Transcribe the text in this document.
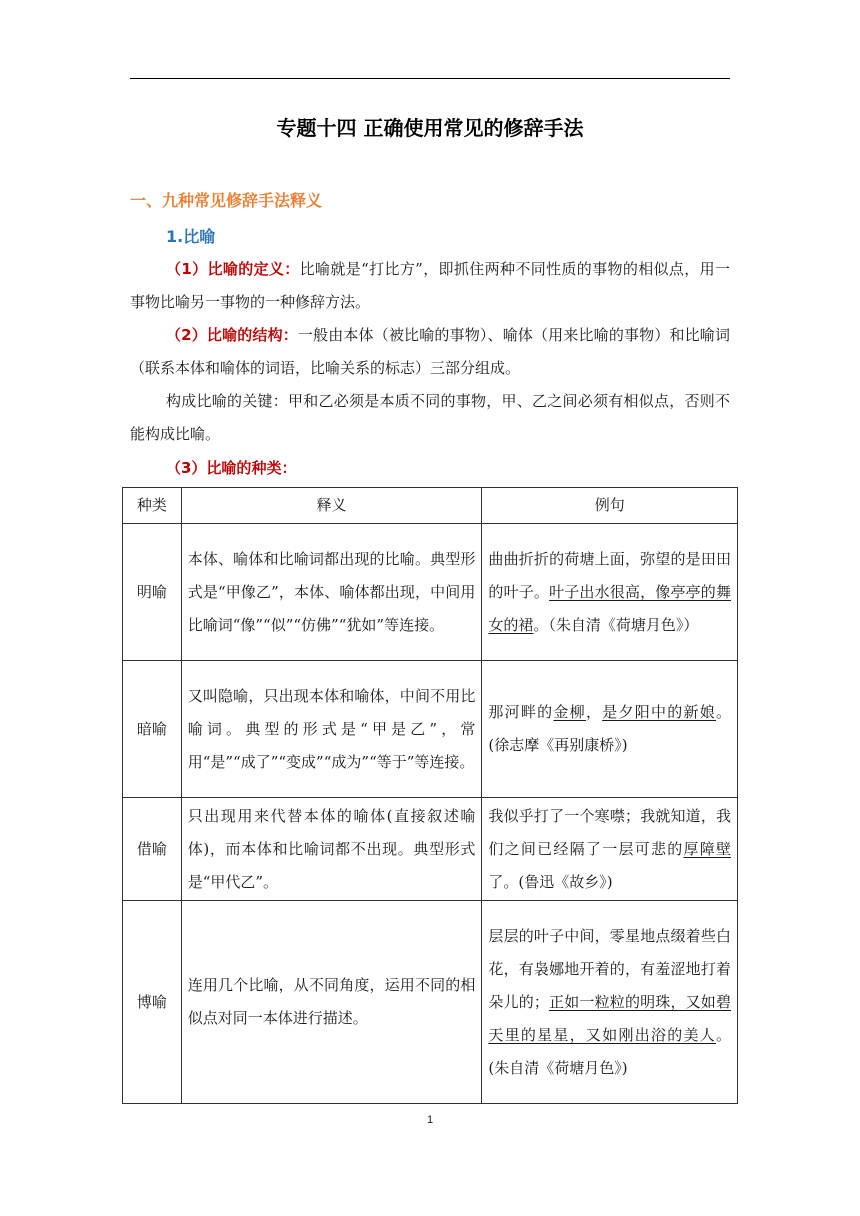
专题十四 正确使用常见的修辞手法
一、九种常见修辞手法释义
1.比喻

（1）比喻的定义：比喻就是“打比方”，即抓住两种不同性质的事物的相似点，用一事物比喻另一事物的一种修辞方法。

（2）比喻的结构：一般由本体（被比喻的事物）、喻体（用来比喻的事物）和比喻词（联系本体和喻体的词语，比喻关系的标志）三部分组成。

构成比喻的关键：甲和乙必须是本质不同的事物，甲、乙之间必须有相似点，否则不能构成比喻。

（3）比喻的种类：

种类	释义	例句
明喻	本体、喻体和比喻词都出现的比喻。典型形式是“甲像乙”，本体、喻体都出现，中间用比喻词“像”“似”“仿佛”“犹如”等连接。	曲曲折折的荷塘上面，弥望的是田田的叶子。叶子出水很高，像亭亭的舞女的裙。（朱自清《荷塘月色》）
暗喻	又叫隐喻，只出现本体和喻体，中间不用比喻词。典型的形式是“甲是乙”，常用“是”“成了”“变成”“成为”“等于”等连接。	那河畔的金柳，是夕阳中的新娘。(徐志摩《再别康桥》)
借喻	只出现用来代替本体的喻体(直接叙述喻体)，而本体和比喻词都不出现。典型形式是“甲代乙”。	我似乎打了一个寒噤；我就知道，我们之间已经隔了一层可悲的厚障壁了。(鲁迅《故乡》)
博喻	连用几个比喻，从不同角度，运用不同的相似点对同一本体进行描述。	层层的叶子中间，零星地点缀着些白花，有袅娜地开着的，有羞涩地打着朵儿的；正如一粒粒的明珠，又如碧天里的星星，又如刚出浴的美人。(朱自清《荷塘月色》)
1
